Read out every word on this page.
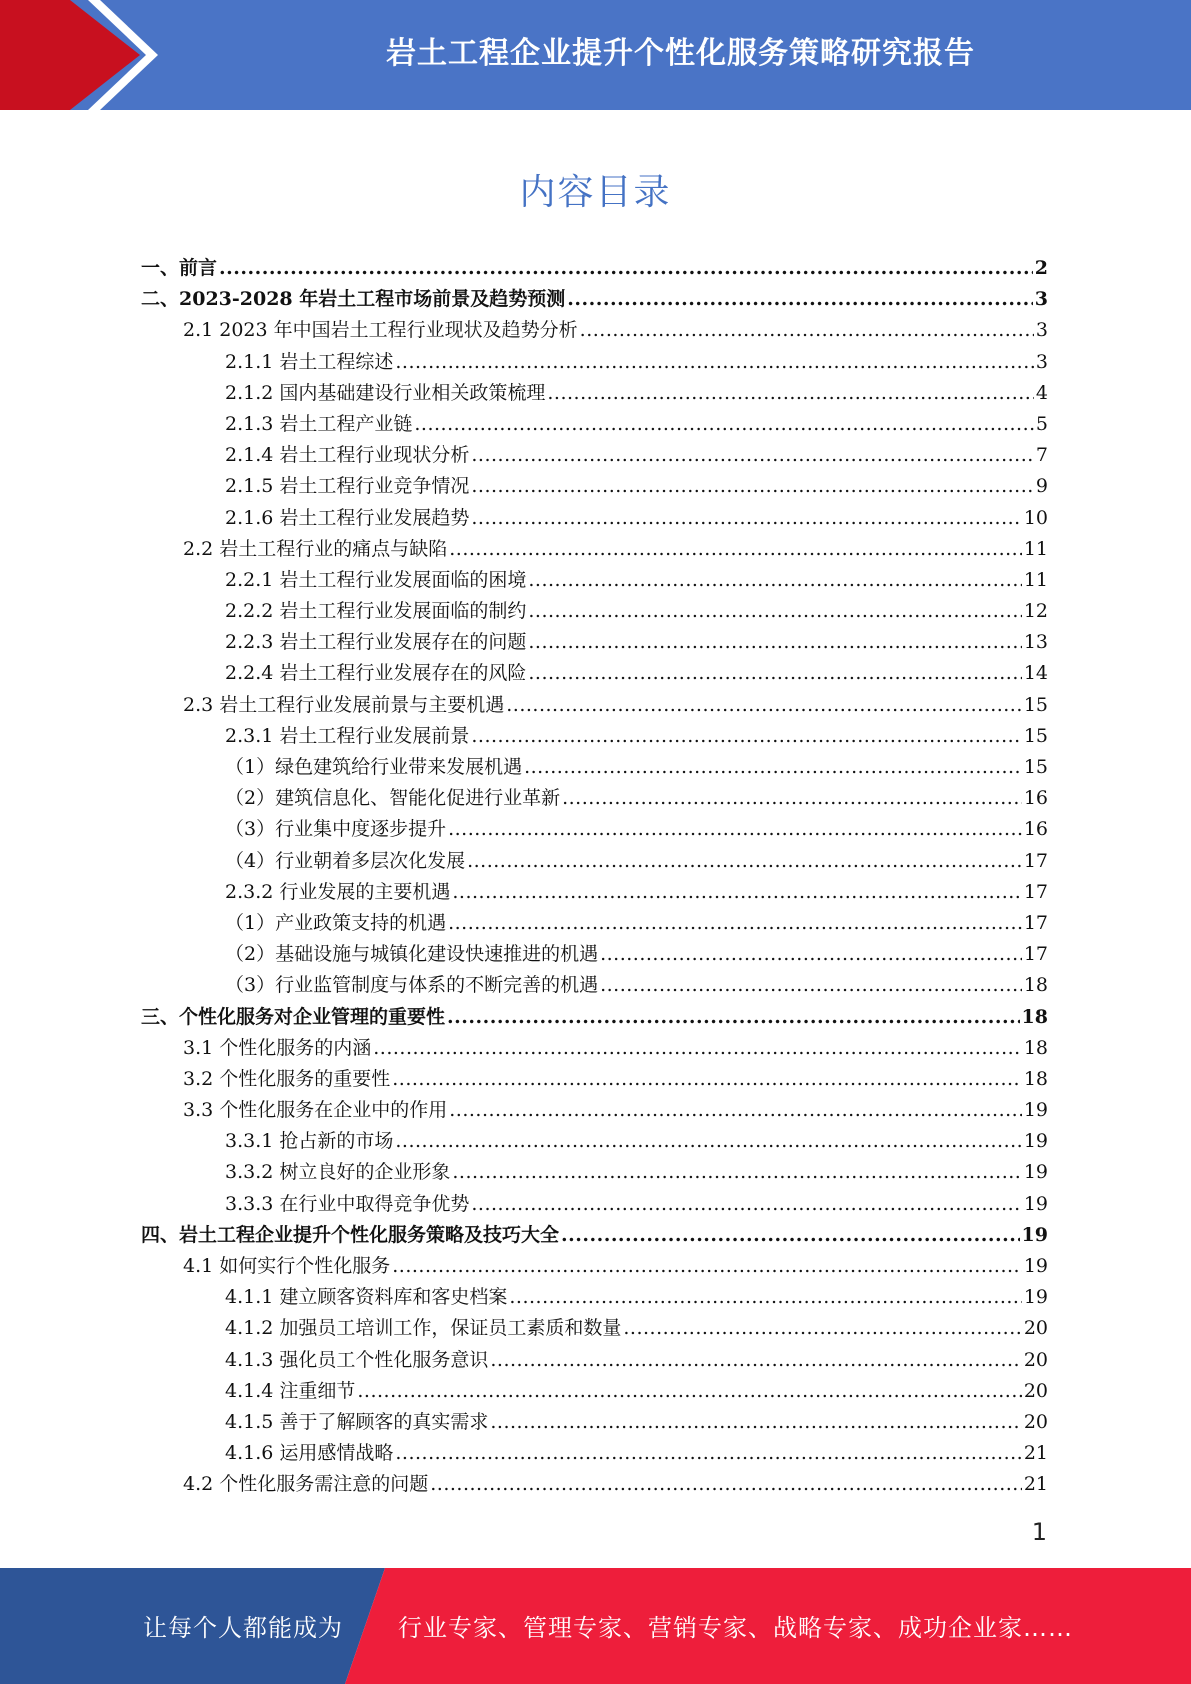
岩土工程企业提升个性化服务策略研究报告
内容目录
一、前言 .....	2
二、2023-2028 年岩土工程市场前景及趋势预测 .....	3
2.1 2023 年中国岩土工程行业现状及趋势分析 .....	3
2.1.1 岩土工程综述 .....	3
2.1.2 国内基础建设行业相关政策梳理 .....	4
2.1.3 岩土工程产业链 .....	5
2.1.4 岩土工程行业现状分析 .....	7
2.1.5 岩土工程行业竞争情况 .....	9
2.1.6 岩土工程行业发展趋势 .....	10
2.2 岩土工程行业的痛点与缺陷 .....	11
2.2.1 岩土工程行业发展面临的困境 .....	11
2.2.2 岩土工程行业发展面临的制约 .....	12
2.2.3 岩土工程行业发展存在的问题 .....	13
2.2.4 岩土工程行业发展存在的风险 .....	14
2.3 岩土工程行业发展前景与主要机遇 .....	15
2.3.1 岩土工程行业发展前景 .....	15
（1）绿色建筑给行业带来发展机遇 .....	15
（2）建筑信息化、智能化促进行业革新 .....	16
（3）行业集中度逐步提升 .....	16
（4）行业朝着多层次化发展 .....	17
2.3.2 行业发展的主要机遇 .....	17
（1）产业政策支持的机遇 .....	17
（2）基础设施与城镇化建设快速推进的机遇 .....	17
（3）行业监管制度与体系的不断完善的机遇 .....	18
三、个性化服务对企业管理的重要性 .....	18
3.1 个性化服务的内涵 .....	18
3.2 个性化服务的重要性 .....	18
3.3 个性化服务在企业中的作用 .....	19
3.3.1 抢占新的市场 .....	19
3.3.2 树立良好的企业形象 .....	19
3.3.3 在行业中取得竞争优势 .....	19
四、岩土工程企业提升个性化服务策略及技巧大全 .....	19
4.1 如何实行个性化服务 .....	19
4.1.1 建立顾客资料库和客史档案 .....	19
4.1.2 加强员工培训工作，保证员工素质和数量 .....	20
4.1.3 强化员工个性化服务意识 .....	20
4.1.4 注重细节 .....	20
4.1.5 善于了解顾客的真实需求 .....	20
4.1.6 运用感情战略 .....	21
4.2 个性化服务需注意的问题 .....	21
1
让每个人都能成为 行业专家、管理专家、营销专家、战略专家、成功企业家……
